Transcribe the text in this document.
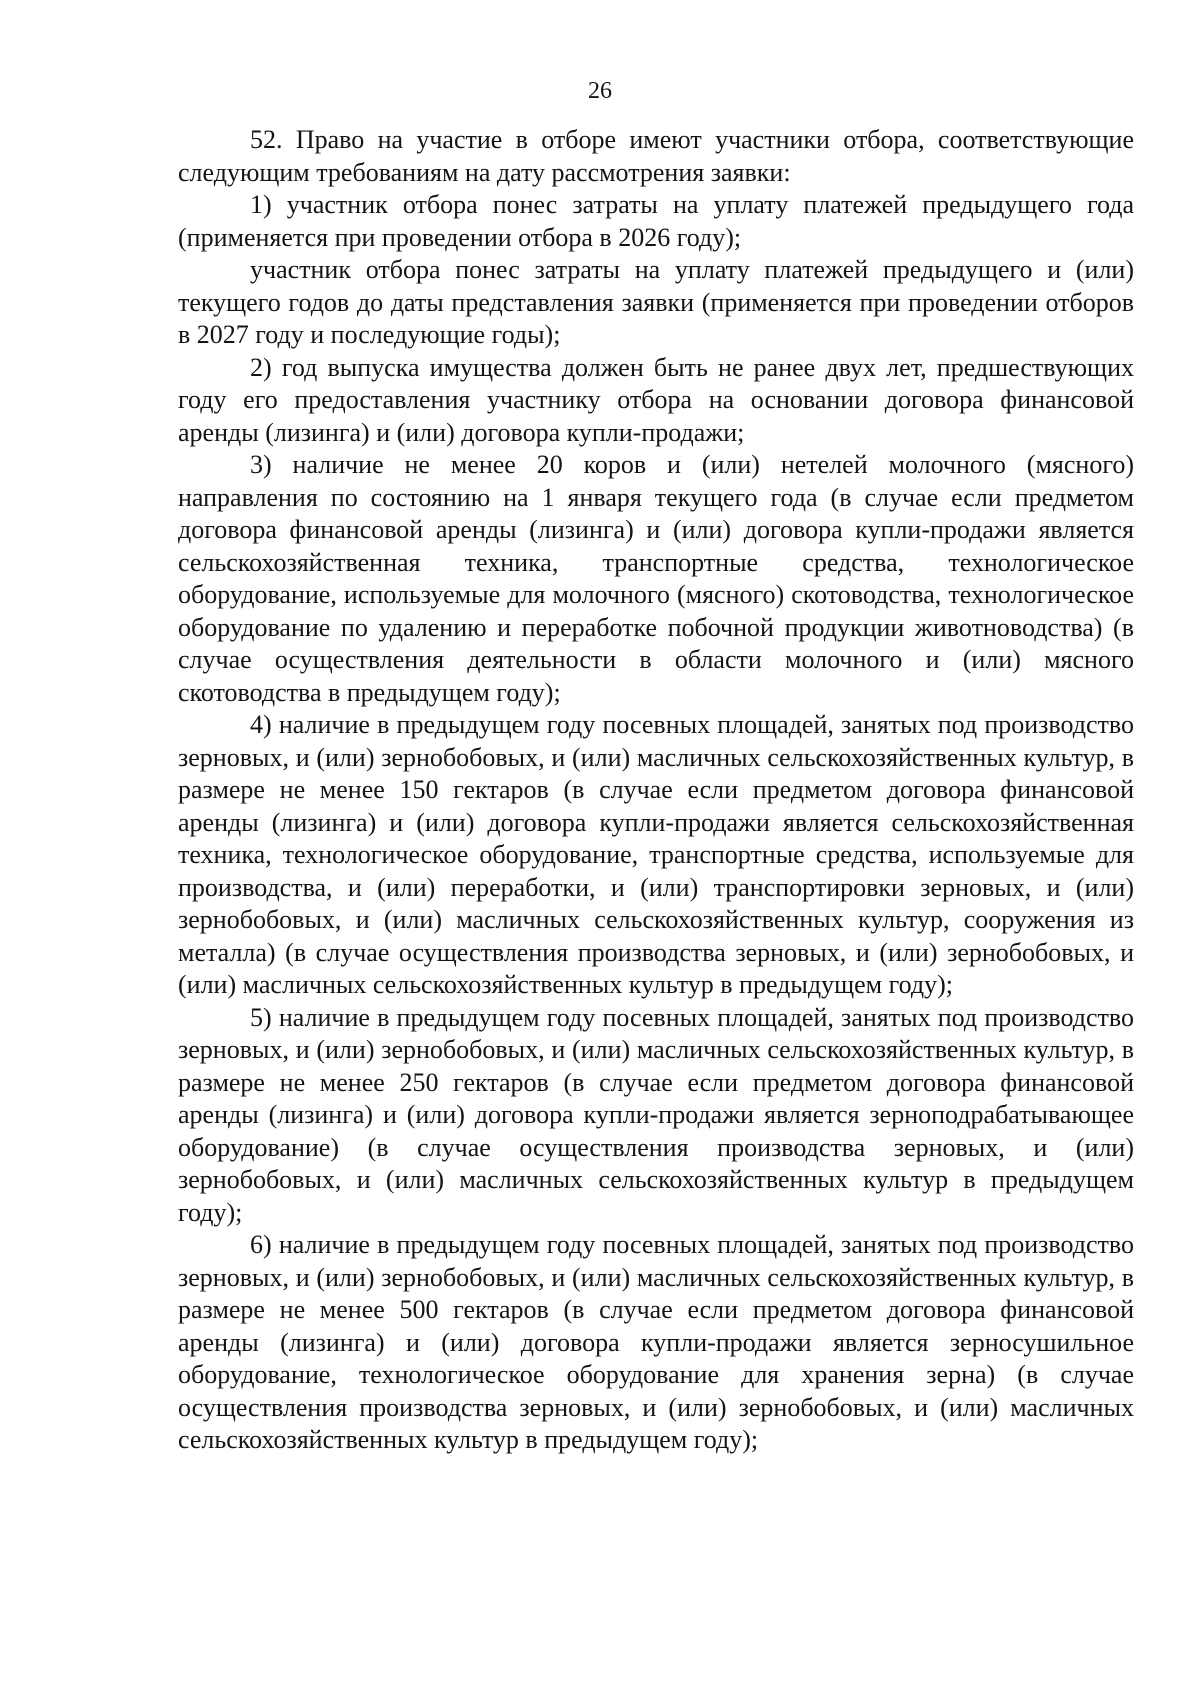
26

52. Право на участие в отборе имеют участники отбора, соответствующие следующим требованиям на дату рассмотрения заявки:

1) участник отбора понес затраты на уплату платежей предыдущего года (применяется при проведении отбора в 2026 году);

участник отбора понес затраты на уплату платежей предыдущего и (или) текущего годов до даты представления заявки (применяется при проведении отборов в 2027 году и последующие годы);

2) год выпуска имущества должен быть не ранее двух лет, предшествующих году его предоставления участнику отбора на основании договора финансовой аренды (лизинга) и (или) договора купли-продажи;

3) наличие не менее 20 коров и (или) нетелей молочного (мясного) направления по состоянию на 1 января текущего года (в случае если предметом договора финансовой аренды (лизинга) и (или) договора купли-продажи является сельскохозяйственная техника, транспортные средства, технологическое оборудование, используемые для молочного (мясного) скотоводства, технологическое оборудование по удалению и переработке побочной продукции животноводства) (в случае осуществления деятельности в области молочного и (или) мясного скотоводства в предыдущем году);

4) наличие в предыдущем году посевных площадей, занятых под производство зерновых, и (или) зернобобовых, и (или) масличных сельскохозяйственных культур, в размере не менее 150 гектаров (в случае если предметом договора финансовой аренды (лизинга) и (или) договора купли-продажи является сельскохозяйственная техника, технологическое оборудование, транспортные средства, используемые для производства, и (или) переработки, и (или) транспортировки зерновых, и (или) зернобобовых, и (или) масличных сельскохозяйственных культур, сооружения из металла) (в случае осуществления производства зерновых, и (или) зернобобовых, и (или) масличных сельскохозяйственных культур в предыдущем году);

5) наличие в предыдущем году посевных площадей, занятых под производство зерновых, и (или) зернобобовых, и (или) масличных сельскохозяйственных культур, в размере не менее 250 гектаров (в случае если предметом договора финансовой аренды (лизинга) и (или) договора купли-продажи является зерноподрабатывающее оборудование) (в случае осуществления производства зерновых, и (или) зернобобовых, и (или) масличных сельскохозяйственных культур в предыдущем году);

6) наличие в предыдущем году посевных площадей, занятых под производство зерновых, и (или) зернобобовых, и (или) масличных сельскохозяйственных культур, в размере не менее 500 гектаров (в случае если предметом договора финансовой аренды (лизинга) и (или) договора купли-продажи является зерносушильное оборудование, технологическое оборудование для хранения зерна) (в случае осуществления производства зерновых, и (или) зернобобовых, и (или) масличных сельскохозяйственных культур в предыдущем году);
